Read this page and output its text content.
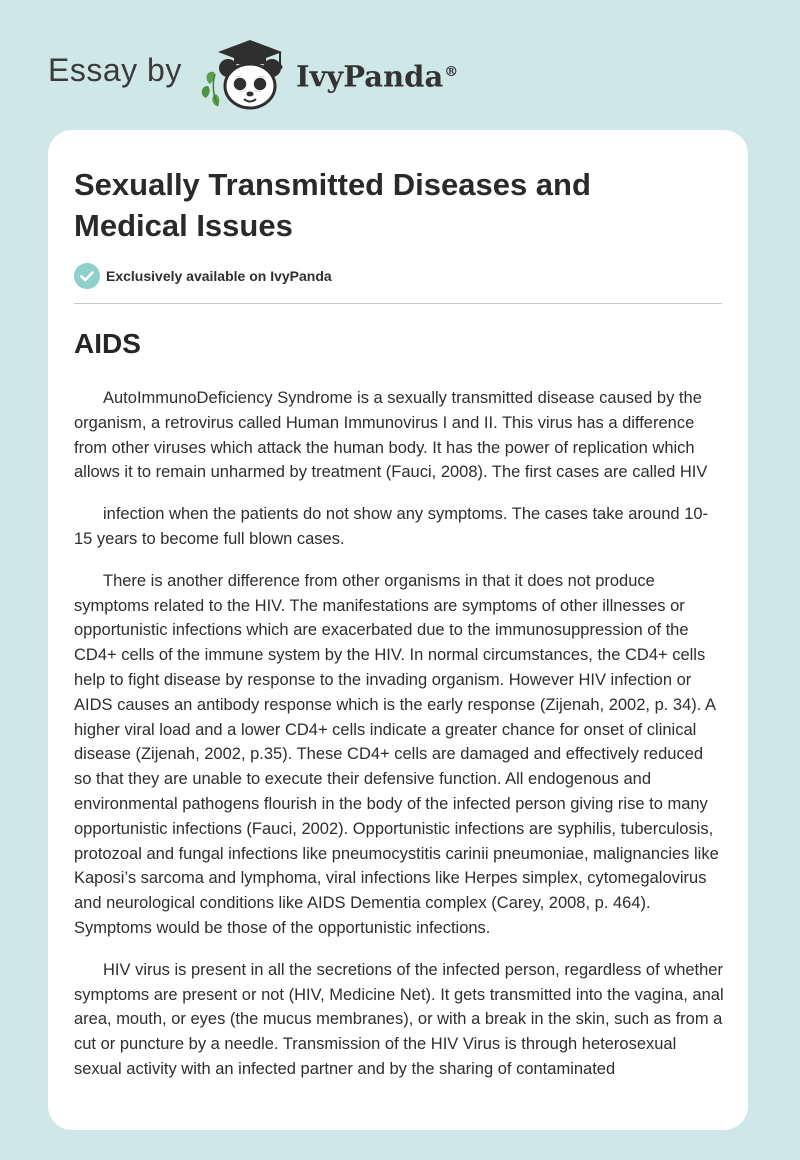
Essay by	IvyPanda®
Sexually Transmitted Diseases and Medical Issues
Exclusively available on IvyPanda
AIDS

AutoImmunoDeficiency Syndrome is a sexually transmitted disease caused by the organism, a retrovirus called Human Immunovirus I and II. This virus has a difference from other viruses which attack the human body. It has the power of replication which allows it to remain unharmed by treatment (Fauci, 2008). The first cases are called HIV

infection when the patients do not show any symptoms. The cases take around 10-15 years to become full blown cases.

There is another difference from other organisms in that it does not produce symptoms related to the HIV. The manifestations are symptoms of other illnesses or opportunistic infections which are exacerbated due to the immunosuppression of the CD4+ cells of the immune system by the HIV. In normal circumstances, the CD4+ cells help to fight disease by response to the invading organism. However HIV infection or AIDS causes an antibody response which is the early response (Zijenah, 2002, p. 34). A higher viral load and a lower CD4+ cells indicate a greater chance for onset of clinical disease (Zijenah, 2002, p.35). These CD4+ cells are damaged and effectively reduced so that they are unable to execute their defensive function. All endogenous and environmental pathogens flourish in the body of the infected person giving rise to many opportunistic infections (Fauci, 2002). Opportunistic infections are syphilis, tuberculosis, protozoal and fungal infections like pneumocystitis carinii pneumoniae, malignancies like Kaposi’s sarcoma and lymphoma, viral infections like Herpes simplex, cytomegalovirus and neurological conditions like AIDS Dementia complex (Carey, 2008, p. 464). Symptoms would be those of the opportunistic infections.

HIV virus is present in all the secretions of the infected person, regardless of whether symptoms are present or not (HIV, Medicine Net). It gets transmitted into the vagina, anal area, mouth, or eyes (the mucus membranes), or with a break in the skin, such as from a cut or puncture by a needle. Transmission of the HIV Virus is through heterosexual sexual activity with an infected partner and by the sharing of contaminated
